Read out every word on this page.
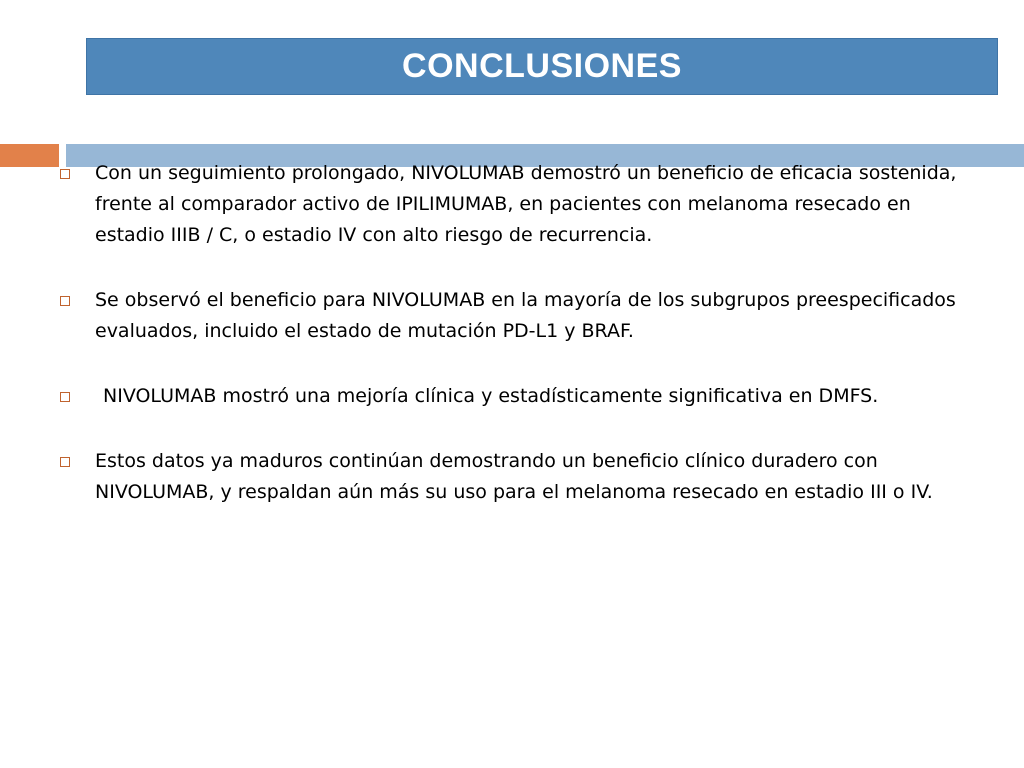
CONCLUSIONES
Con un seguimiento prolongado, NIVOLUMAB demostró un beneficio de eficacia sostenida, frente al comparador activo de IPILIMUMAB, en pacientes con melanoma resecado en estadio IIIB / C, o estadio IV con alto riesgo de recurrencia.
Se observó el beneficio para NIVOLUMAB en la mayoría de los subgrupos preespecificados evaluados, incluido el estado de mutación PD-L1 y BRAF.
NIVOLUMAB mostró una mejoría clínica y estadísticamente significativa en DMFS.
Estos datos ya maduros continúan demostrando un beneficio clínico duradero con NIVOLUMAB, y respaldan aún más su uso para el melanoma resecado en estadio III o IV.
